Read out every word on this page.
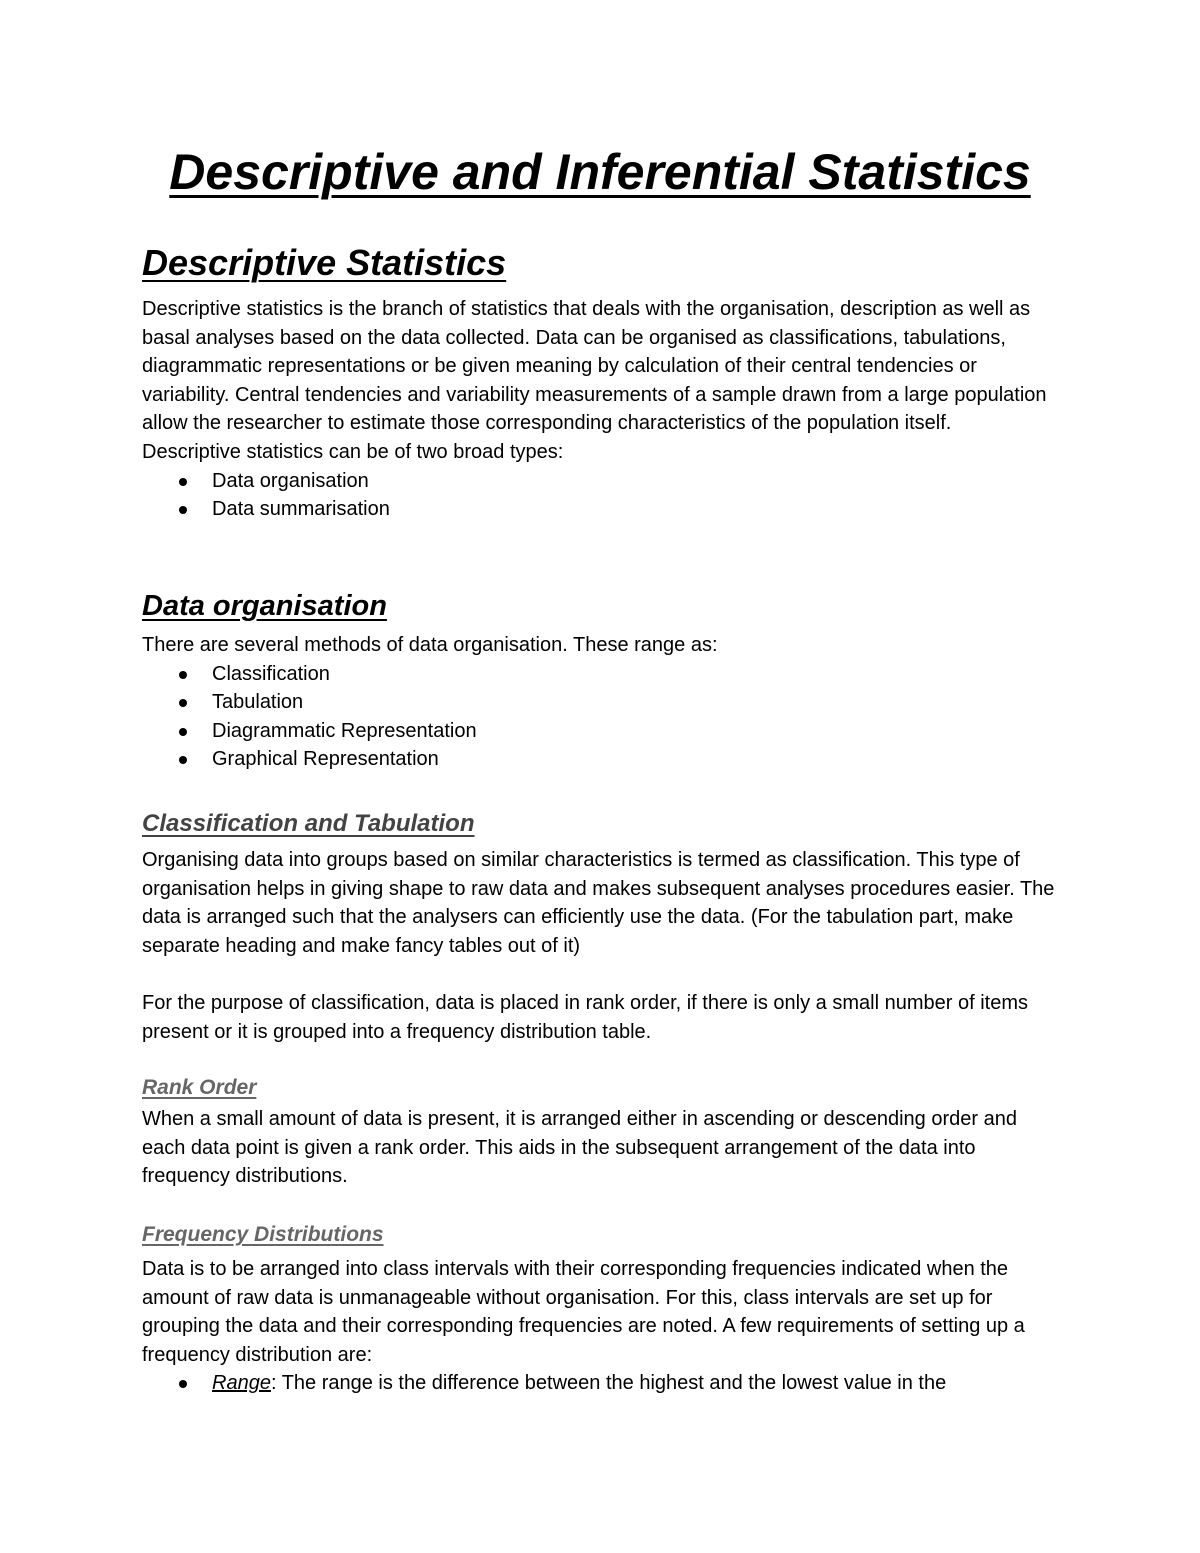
Descriptive and Inferential Statistics
Descriptive Statistics

Descriptive statistics is the branch of statistics that deals with the organisation, description as well as basal analyses based on the data collected. Data can be organised as classifications, tabulations, diagrammatic representations or be given meaning by calculation of their central tendencies or variability. Central tendencies and variability measurements of a sample drawn from a large population allow the researcher to estimate those corresponding characteristics of the population itself.

Descriptive statistics can be of two broad types:

Data organisation
Data summarisation
Data organisation

There are several methods of data organisation. These range as:

Classification
Tabulation
Diagrammatic Representation
Graphical Representation
Classification and Tabulation

Organising data into groups based on similar characteristics is termed as classification. This type of organisation helps in giving shape to raw data and makes subsequent analyses procedures easier. The data is arranged such that the analysers can efficiently use the data. (For the tabulation part, make separate heading and make fancy tables out of it)

For the purpose of classification, data is placed in rank order, if there is only a small number of items present or it is grouped into a frequency distribution table.

Rank Order

When a small amount of data is present, it is arranged either in ascending or descending order and each data point is given a rank order. This aids in the subsequent arrangement of the data into frequency distributions.

Frequency Distributions

Data is to be arranged into class intervals with their corresponding frequencies indicated when the amount of raw data is unmanageable without organisation. For this, class intervals are set up for grouping the data and their corresponding frequencies are noted. A few requirements of setting up a frequency distribution are:

Range: The range is the difference between the highest and the lowest value in the
